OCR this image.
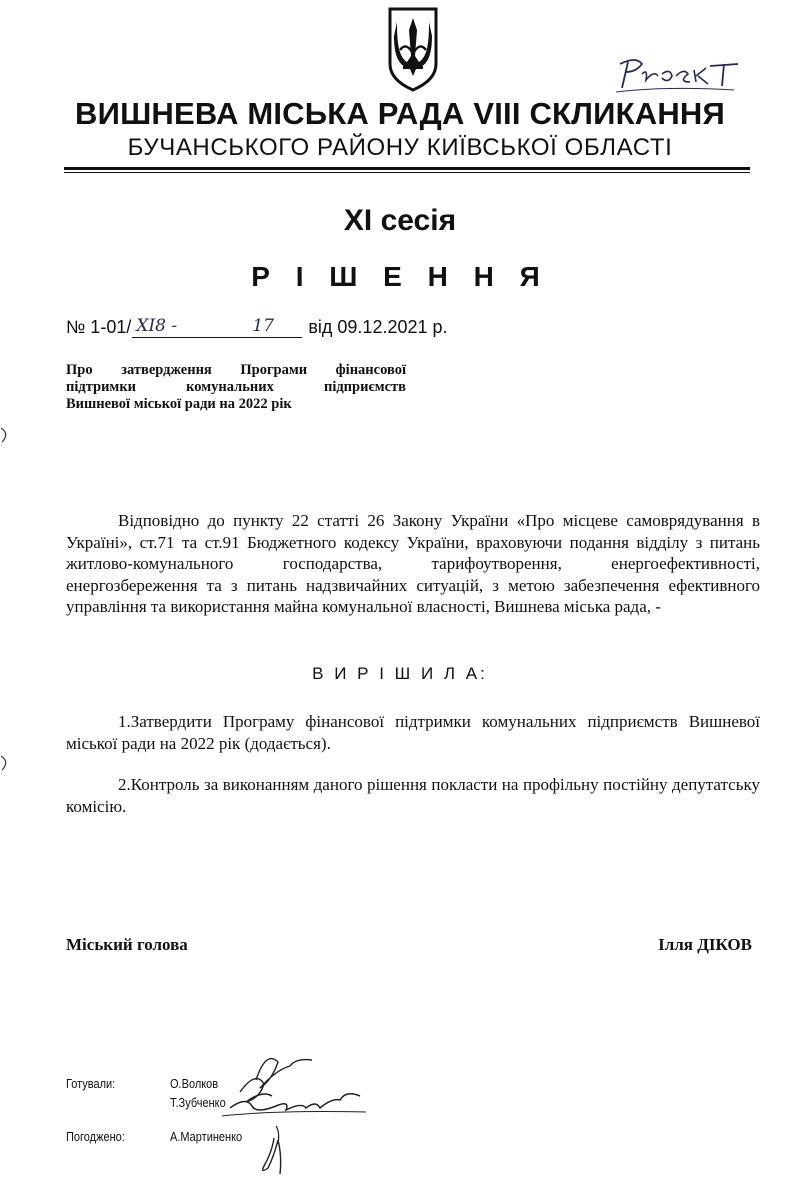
ВИШНЕВА МІСЬКА РАДА VIII СКЛИКАННЯ
БУЧАНСЬКОГО РАЙОНУ КИЇВСЬКОЇ ОБЛАСТІ
XI сесія
Р І Ш Е Н Н Я
№ 1-01/ XI8 -	17 від 09.12.2021 р.
Про затвердження Програми фінансової
підтримки комунальних підприємств
Вишневої міської ради на 2022 рік
Відповідно до пункту 22 статті 26 Закону України «Про місцеве самоврядування в Україні», ст.71 та ст.91 Бюджетного кодексу України, враховуючи подання відділу з питань житлово-комунального господарства, тарифоутворення, енергоефективності, енергозбереження та з питань надзвичайних ситуацій, з метою забезпечення ефективного управління та використання майна комунальної власності, Вишнева міська рада, -
В И Р І Ш И Л А:
1.Затвердити Програму фінансової підтримки комунальних підприємств Вишневої міської ради на 2022 рік (додається).
2.Контроль за виконанням даного рішення покласти на профільну постійну депутатську комісію.
Міський голова	Ілля ДІКОВ
Готували:	О.Волков
Т.Зубченко
Погоджено:	А.Мартиненко
